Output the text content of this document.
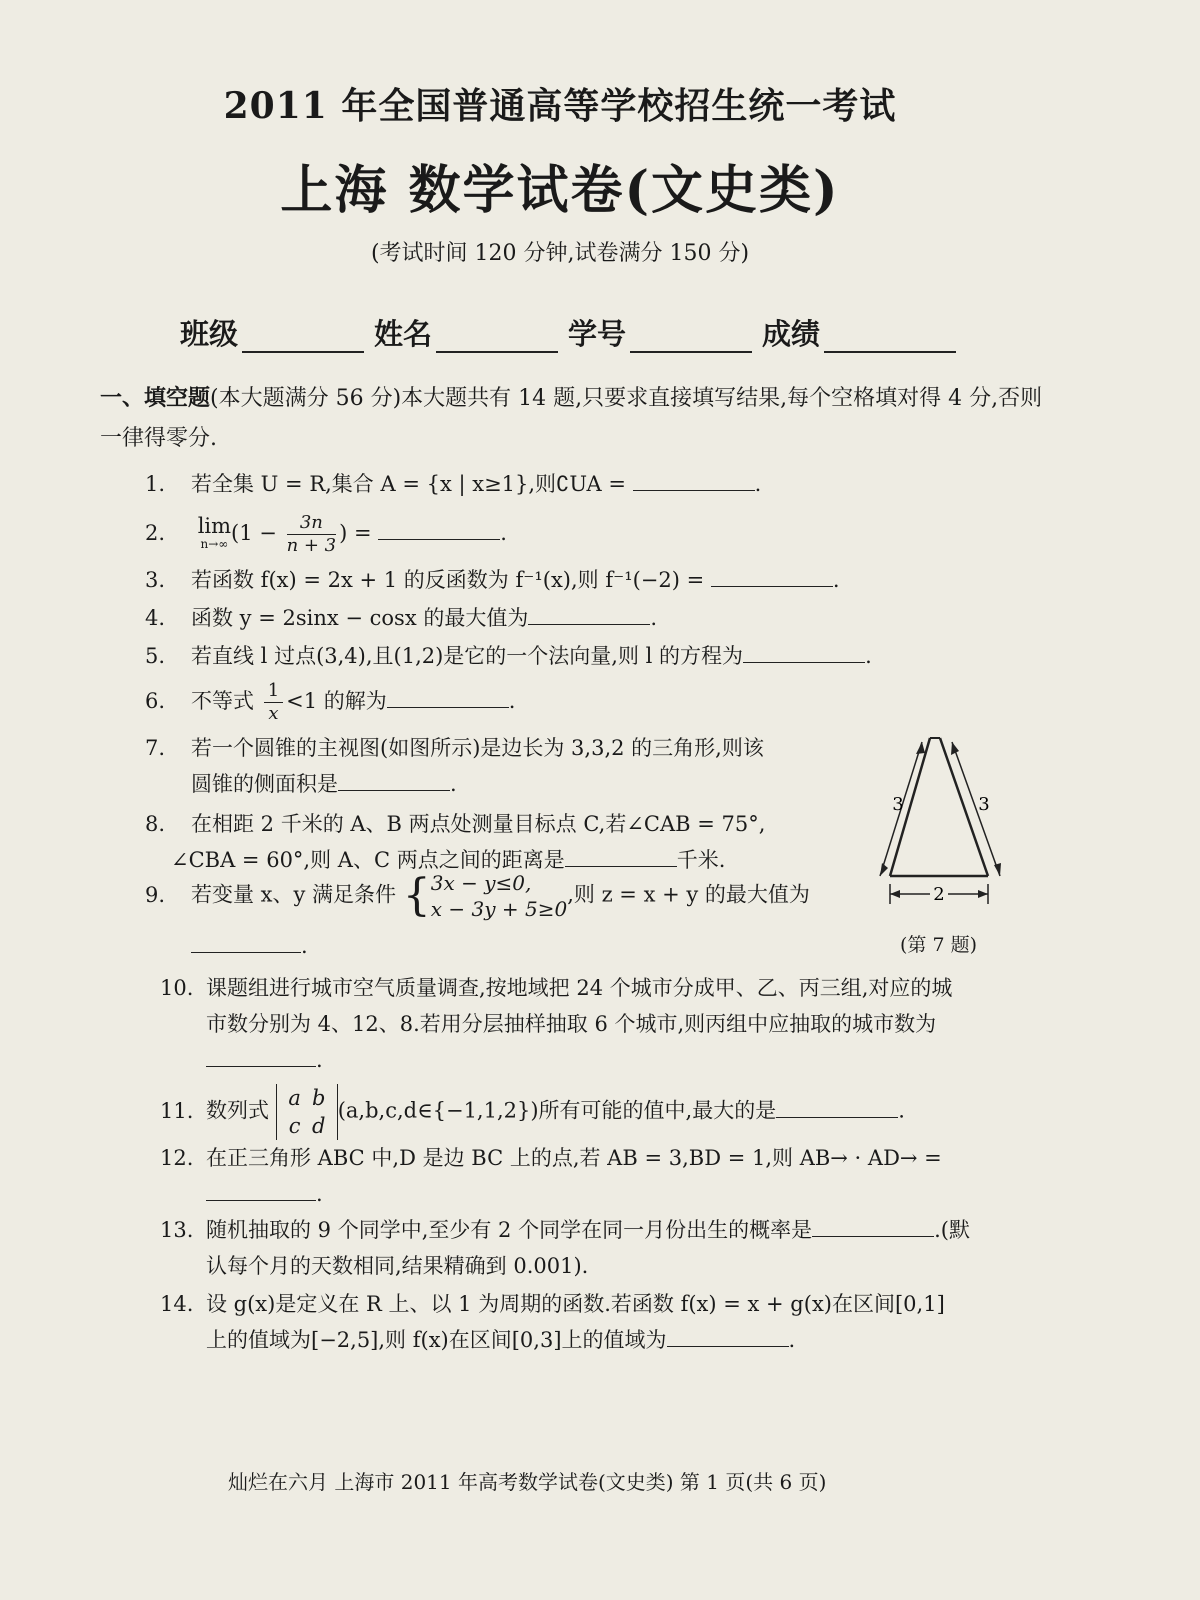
2011 年全国普通高等学校招生统一考试
上海 数学试卷(文史类)
(考试时间 120 分钟,试卷满分 150 分)
班级	姓名	学号	成绩
一、填空题(本大题满分 56 分)本大题共有 14 题,只要求直接填写结果,每个空格填对得 4 分,否则一律得零分.
1. 若全集 U = R,集合 A = {x | x≥1},则∁UA =	.
2. lim
n→∞ ($1 - \frac{3n}{n + 3}$ ) =	.
3. 若函数 f(x) = 2x + 1 的反函数为 f⁻¹(x),则 f⁻¹(−2) =	.
4. 函数 y = 2sinx − cosx 的最大值为	.
5. 若直线 l 过点(3,4),且(1,2)是它的一个法向量,则 l 的方程为	.
6. 不等式 $\frac{1}{x} <1$ 的解为	.
7. 若一个圆锥的主视图(如图所示)是边长为 3,3,2 的三角形,则该
圆锥的侧面积是	.
8. 在相距 2 千米的 A、B 两点处测量目标点 C,若∠CAB = 75°,
∠CBA = 60°,则 A、C 两点之间的距离是	千米.
9. 若变量 x、y 满足条件 { 3x − y≤0,
x − 3y + 5≥0
,则 z = x + y 的最大值为
.
2
3	3
(第 7 题)
10. 课题组进行城市空气质量调查,按地域把 24 个城市分成甲、乙、丙三组,对应的城
市数分别为 4、12、8.若用分层抽样抽取 6 个城市,则丙组中应抽取的城市数为
.
11. 数列式
a b
c d
(a,b,c,d∈{−1,1,2})所有可能的值中,最大的是	.
12. 在正三角形 ABC 中,D 是边 BC 上的点,若 AB = 3,BD = 1,则 AB→ · AD→ =
.
13. 随机抽取的 9 个同学中,至少有 2 个同学在同一月份出生的概率是	.(默
认每个月的天数相同,结果精确到 0.001).
14. 设 g(x)是定义在 R 上、以 1 为周期的函数.若函数 f(x) = x + g(x)在区间[0,1]
上的值域为[−2,5],则 f(x)在区间[0,3]上的值域为	.
灿烂在六月 上海市 2011 年高考数学试卷(文史类) 第 1 页(共 6 页)
